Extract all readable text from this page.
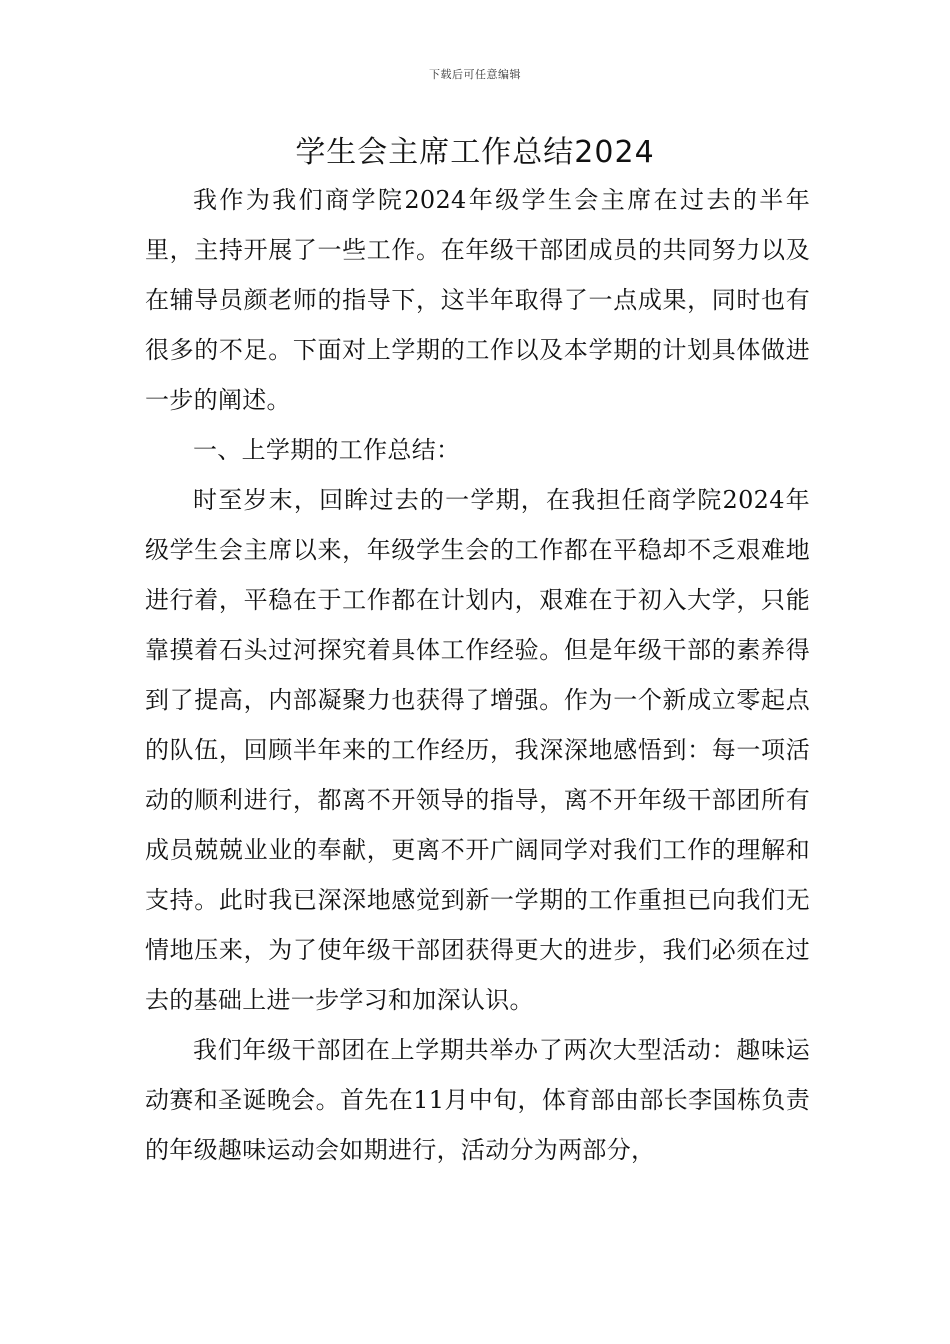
下载后可任意编辑
学生会主席工作总结2024

我作为我们商学院2024年级学生会主席在过去的半年里，主持开展了一些工作。在年级干部团成员的共同努力以及在辅导员颜老师的指导下，这半年取得了一点成果，同时也有很多的不足。下面对上学期的工作以及本学期的计划具体做进一步的阐述。

一、上学期的工作总结：

时至岁末，回眸过去的一学期，在我担任商学院2024年级学生会主席以来，年级学生会的工作都在平稳却不乏艰难地进行着，平稳在于工作都在计划内，艰难在于初入大学，只能靠摸着石头过河探究着具体工作经验。但是年级干部的素养得到了提高，内部凝聚力也获得了增强。作为一个新成立零起点的队伍，回顾半年来的工作经历，我深深地感悟到：每一项活动的顺利进行，都离不开领导的指导，离不开年级干部团所有成员兢兢业业的奉献，更离不开广阔同学对我们工作的理解和支持。此时我已深深地感觉到新一学期的工作重担已向我们无情地压来，为了使年级干部团获得更大的进步，我们必须在过去的基础上进一步学习和加深认识。

我们年级干部团在上学期共举办了两次大型活动：趣味运动赛和圣诞晚会。首先在11月中旬，体育部由部长李国栋负责的年级趣味运动会如期进行，活动分为两部分，
